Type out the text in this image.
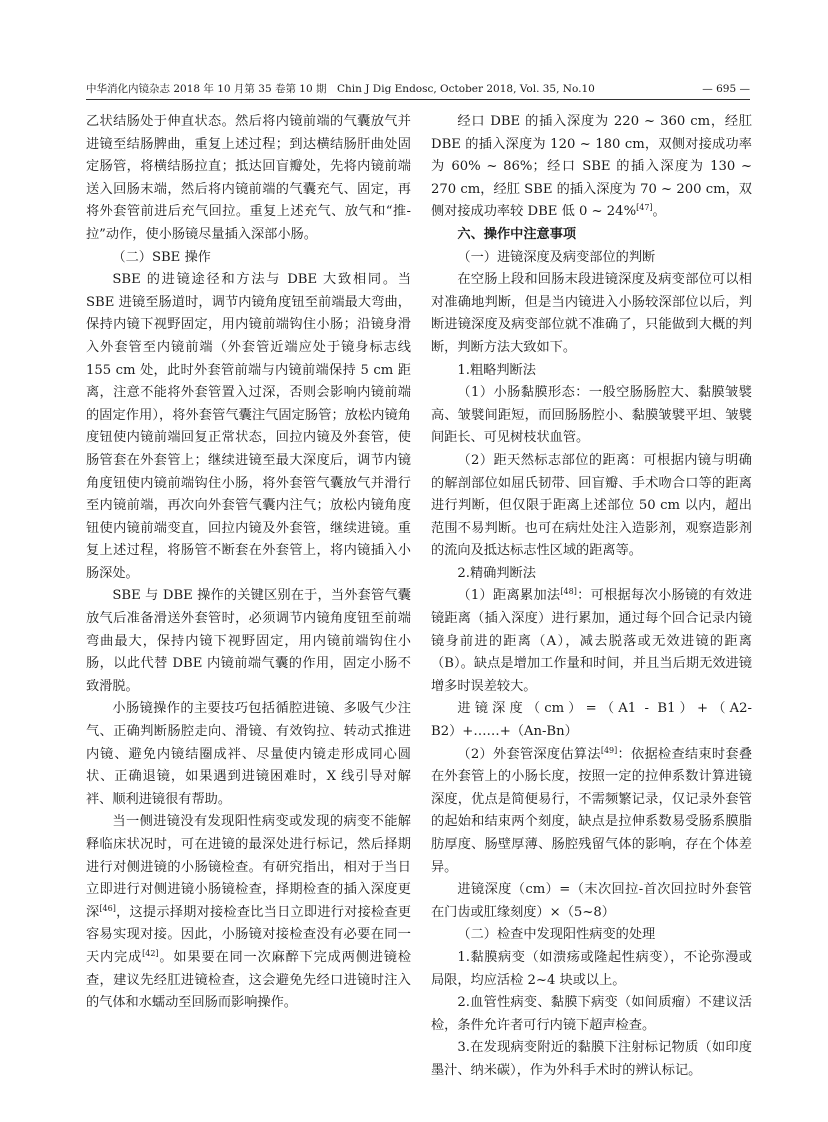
中华消化内镜杂志 2018 年 10 月第 35 卷第 10 期　Chin J Dig Endosc, October 2018, Vol. 35, No.10	— 695 —

乙状结肠处于伸直状态。然后将内镜前端的气囊放气并进镜至结肠脾曲，重复上述过程；到达横结肠肝曲处固定肠管，将横结肠拉直；抵达回盲瓣处，先将内镜前端送入回肠末端，然后将内镜前端的气囊充气、固定，再将外套管前进后充气回拉。重复上述充气、放气和“推-拉”动作，使小肠镜尽量插入深部小肠。

（二）SBE 操作

SBE 的进镜途径和方法与 DBE 大致相同。当 SBE 进镜至肠道时，调节内镜角度钮至前端最大弯曲，保持内镜下视野固定，用内镜前端钩住小肠；沿镜身滑入外套管至内镜前端（外套管近端应处于镜身标志线 155 cm 处，此时外套管前端与内镜前端保持 5 cm 距离，注意不能将外套管置入过深，否则会影响内镜前端的固定作用），将外套管气囊注气固定肠管；放松内镜角度钮使内镜前端回复正常状态，回拉内镜及外套管，使肠管套在外套管上；继续进镜至最大深度后，调节内镜角度钮使内镜前端钩住小肠，将外套管气囊放气并滑行至内镜前端，再次向外套管气囊内注气；放松内镜角度钮使内镜前端变直，回拉内镜及外套管，继续进镜。重复上述过程，将肠管不断套在外套管上，将内镜插入小肠深处。

SBE 与 DBE 操作的关键区别在于，当外套管气囊放气后准备滑送外套管时，必须调节内镜角度钮至前端弯曲最大，保持内镜下视野固定，用内镜前端钩住小肠，以此代替 DBE 内镜前端气囊的作用，固定小肠不致滑脱。

小肠镜操作的主要技巧包括循腔进镜、多吸气少注气、正确判断肠腔走向、滑镜、有效钩拉、转动式推进内镜、避免内镜结圈成袢、尽量使内镜走形成同心圆状、正确退镜，如果遇到进镜困难时，X 线引导对解袢、顺利进镜很有帮助。

当一侧进镜没有发现阳性病变或发现的病变不能解释临床状况时，可在进镜的最深处进行标记，然后择期进行对侧进镜的小肠镜检查。有研究指出，相对于当日立即进行对侧进镜小肠镜检查，择期检查的插入深度更深[46]，这提示择期对接检查比当日立即进行对接检查更容易实现对接。因此，小肠镜对接检查没有必要在同一天内完成[42]。如果要在同一次麻醉下完成两侧进镜检查，建议先经肛进镜检查，这会避免先经口进镜时注入的气体和水蠕动至回肠而影响操作。

经口 DBE 的插入深度为 220 ~ 360 cm，经肛 DBE 的插入深度为 120 ~ 180 cm，双侧对接成功率为 60% ~ 86%；经口 SBE 的插入深度为 130 ~ 270 cm，经肛 SBE 的插入深度为 70 ~ 200 cm，双侧对接成功率较 DBE 低 0 ~ 24%[47]。

六、操作中注意事项

（一）进镜深度及病变部位的判断

在空肠上段和回肠末段进镜深度及病变部位可以相对准确地判断，但是当内镜进入小肠较深部位以后，判断进镜深度及病变部位就不准确了，只能做到大概的判断，判断方法大致如下。

1.粗略判断法

（1）小肠黏膜形态：一般空肠肠腔大、黏膜皱襞高、皱襞间距短，而回肠肠腔小、黏膜皱襞平坦、皱襞间距长、可见树枝状血管。

（2）距天然标志部位的距离：可根据内镜与明确的解剖部位如屈氏韧带、回盲瓣、手术吻合口等的距离进行判断，但仅限于距离上述部位 50 cm 以内，超出范围不易判断。也可在病灶处注入造影剂，观察造影剂的流向及抵达标志性区域的距离等。

2.精确判断法

（1）距离累加法[48]：可根据每次小肠镜的有效进镜距离（插入深度）进行累加，通过每个回合记录内镜镜身前进的距离（A），减去脱落或无效进镜的距离（B）。缺点是增加工作量和时间，并且当后期无效进镜增多时误差较大。

进镜深度（cm）=（A1 - B1）+（A2-B2）+……+（An-Bn）

（2）外套管深度估算法[49]：依据检查结束时套叠在外套管上的小肠长度，按照一定的拉伸系数计算进镜深度，优点是简便易行，不需频繁记录，仅记录外套管的起始和结束两个刻度，缺点是拉伸系数易受肠系膜脂肪厚度、肠壁厚薄、肠腔残留气体的影响，存在个体差异。

进镜深度（cm）=（末次回拉-首次回拉时外套管在门齿或肛缘刻度）×（5~8）

（二）检查中发现阳性病变的处理

1.黏膜病变（如溃疡或隆起性病变），不论弥漫或局限，均应活检 2~4 块或以上。

2.血管性病变、黏膜下病变（如间质瘤）不建议活检，条件允许者可行内镜下超声检查。

3.在发现病变附近的黏膜下注射标记物质（如印度墨汁、纳米碳），作为外科手术时的辨认标记。
